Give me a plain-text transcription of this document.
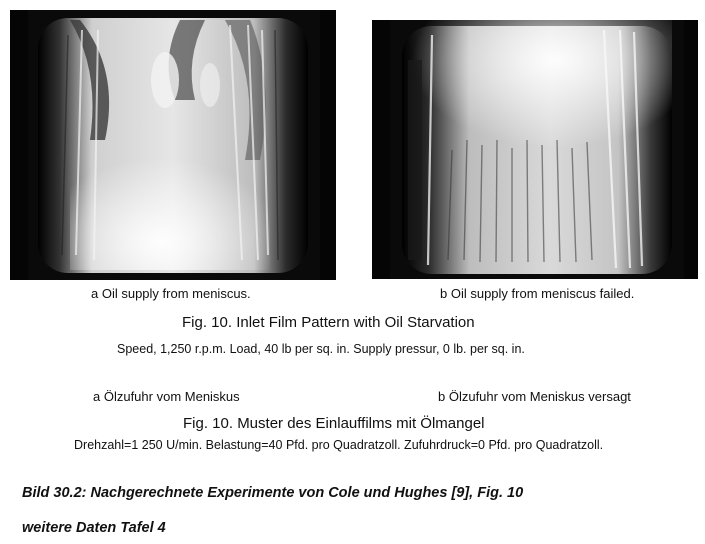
a Oil supply from meniscus.	b Oil supply from meniscus failed.
Fig. 10. Inlet Film Pattern with Oil Starvation
Speed, 1,250 r.p.m. Load, 40 lb per sq. in. Supply pressur, 0 lb. per sq. in.
a Ölzufuhr vom Meniskus	b Ölzufuhr vom Meniskus versagt
Fig. 10. Muster des Einlauffilms mit Ölmangel
Drehzahl=1 250 U/min. Belastung=40 Pfd. pro Quadratzoll. Zufuhrdruck=0 Pfd. pro Quadratzoll.
Bild 30.2: Nachgerechnete Experimente von Cole und Hughes [9], Fig. 10
weitere Daten Tafel 4
